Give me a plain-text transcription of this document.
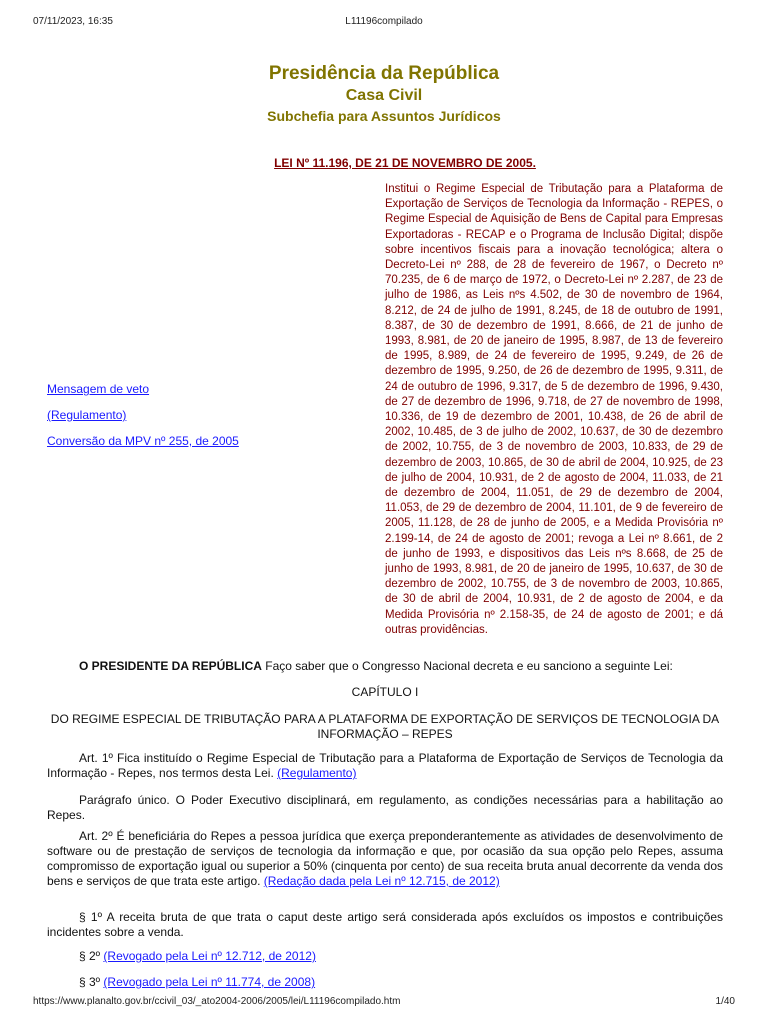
07/11/2023, 16:35	L11196compilado
Presidência da República
Casa Civil
Subchefia para Assuntos Jurídicos
LEI Nº 11.196, DE 21 DE NOVEMBRO DE 2005.

Institui o Regime Especial de Tributação para a Plataforma de Exportação de Serviços de Tecnologia da Informação - REPES, o Regime Especial de Aquisição de Bens de Capital para Empresas Exportadoras - RECAP e o Programa de Inclusão Digital; dispõe sobre incentivos fiscais para a inovação tecnológica; altera o Decreto-Lei nº 288, de 28 de fevereiro de 1967, o Decreto nº 70.235, de 6 de março de 1972, o Decreto-Lei nº 2.287, de 23 de julho de 1986, as Leis nºs 4.502, de 30 de novembro de 1964, 8.212, de 24 de julho de 1991, 8.245, de 18 de outubro de 1991, 8.387, de 30 de dezembro de 1991, 8.666, de 21 de junho de 1993, 8.981, de 20 de janeiro de 1995, 8.987, de 13 de fevereiro de 1995, 8.989, de 24 de fevereiro de 1995, 9.249, de 26 de dezembro de 1995, 9.250, de 26 de dezembro de 1995, 9.311, de 24 de outubro de 1996, 9.317, de 5 de dezembro de 1996, 9.430, de 27 de dezembro de 1996, 9.718, de 27 de novembro de 1998, 10.336, de 19 de dezembro de 2001, 10.438, de 26 de abril de 2002, 10.485, de 3 de julho de 2002, 10.637, de 30 de dezembro de 2002, 10.755, de 3 de novembro de 2003, 10.833, de 29 de dezembro de 2003, 10.865, de 30 de abril de 2004, 10.925, de 23 de julho de 2004, 10.931, de 2 de agosto de 2004, 11.033, de 21 de dezembro de 2004, 11.051, de 29 de dezembro de 2004, 11.053, de 29 de dezembro de 2004, 11.101, de 9 de fevereiro de 2005, 11.128, de 28 de junho de 2005, e a Medida Provisória nº 2.199-14, de 24 de agosto de 2001; revoga a Lei nº 8.661, de 2 de junho de 1993, e dispositivos das Leis nºs 8.668, de 25 de junho de 1993, 8.981, de 20 de janeiro de 1995, 10.637, de 30 de dezembro de 2002, 10.755, de 3 de novembro de 2003, 10.865, de 30 de abril de 2004, 10.931, de 2 de agosto de 2004, e da Medida Provisória nº 2.158-35, de 24 de agosto de 2001; e dá outras providências.

Mensagem de veto
(Regulamento)
Conversão da MPV nº 255, de 2005

O PRESIDENTE DA REPÚBLICA Faço saber que o Congresso Nacional decreta e eu sanciono a seguinte Lei:

CAPÍTULO I

DO REGIME ESPECIAL DE TRIBUTAÇÃO PARA A PLATAFORMA DE EXPORTAÇÃO DE SERVIÇOS DE TECNOLOGIA DA INFORMAÇÃO – REPES

Art. 1º Fica instituído o Regime Especial de Tributação para a Plataforma de Exportação de Serviços de Tecnologia da Informação - Repes, nos termos desta Lei. (Regulamento)

Parágrafo único. O Poder Executivo disciplinará, em regulamento, as condições necessárias para a habilitação ao Repes.

Art. 2º É beneficiária do Repes a pessoa jurídica que exerça preponderantemente as atividades de desenvolvimento de software ou de prestação de serviços de tecnologia da informação e que, por ocasião da sua opção pelo Repes, assuma compromisso de exportação igual ou superior a 50% (cinquenta por cento) de sua receita bruta anual decorrente da venda dos bens e serviços de que trata este artigo. (Redação dada pela Lei nº 12.715, de 2012)

§ 1º A receita bruta de que trata o caput deste artigo será considerada após excluídos os impostos e contribuições incidentes sobre a venda.

§ 2º (Revogado pela Lei nº 12.712, de 2012)

§ 3º (Revogado pela Lei nº 11.774, de 2008)

https://www.planalto.gov.br/ccivil_03/_ato2004-2006/2005/lei/L11196compilado.htm	1/40
